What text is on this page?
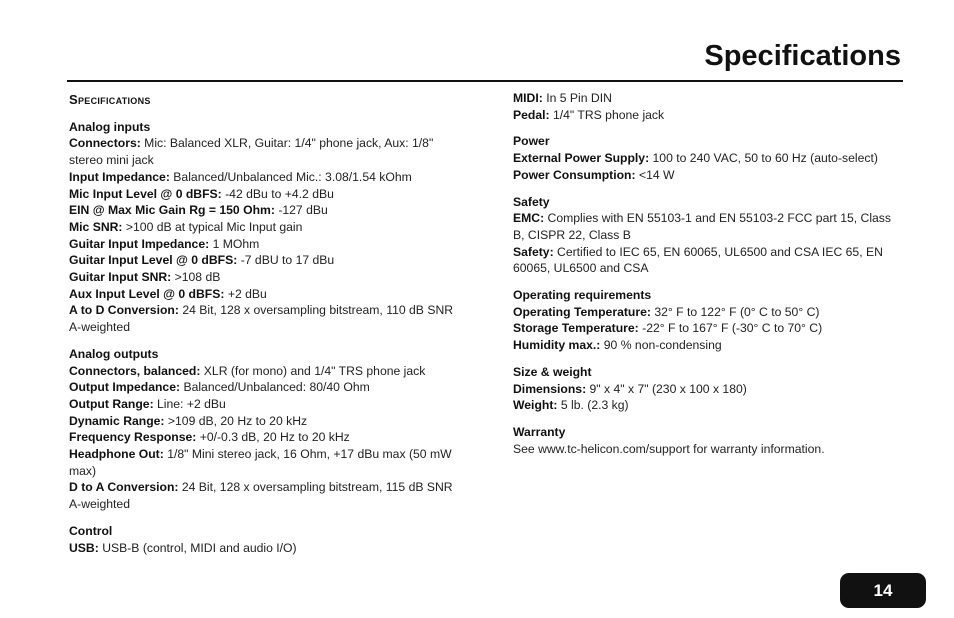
Specifications
Specifications
Analog inputs
Connectors: Mic: Balanced XLR, Guitar: 1/4" phone jack, Aux: 1/8" stereo mini jack
Input Impedance: Balanced/Unbalanced Mic.: 3.08/1.54 kOhm
Mic Input Level @ 0 dBFS: -42 dBu to +4.2 dBu
EIN @ Max Mic Gain Rg = 150 Ohm: -127 dBu
Mic SNR: >100 dB at typical Mic Input gain
Guitar Input Impedance: 1 MOhm
Guitar Input Level @ 0 dBFS: -7 dBU to 17 dBu
Guitar Input SNR: >108 dB
Aux Input Level @ 0 dBFS: +2 dBu
A to D Conversion: 24 Bit, 128 x oversampling bitstream, 110 dB SNR A-weighted
Analog outputs
Connectors, balanced: XLR (for mono) and 1/4" TRS phone jack
Output Impedance: Balanced/Unbalanced: 80/40 Ohm
Output Range: Line: +2 dBu
Dynamic Range: >109 dB, 20 Hz to 20 kHz
Frequency Response: +0/-0.3 dB, 20 Hz to 20 kHz
Headphone Out: 1/8" Mini stereo jack, 16 Ohm, +17 dBu max (50 mW max)
D to A Conversion: 24 Bit, 128 x oversampling bitstream, 115 dB SNR A-weighted
Control
USB: USB-B (control, MIDI and audio I/O)
MIDI: In 5 Pin DIN
Pedal: 1/4" TRS phone jack
Power
External Power Supply: 100 to 240 VAC, 50 to 60 Hz (auto-select)
Power Consumption: <14 W
Safety
EMC: Complies with EN 55103-1 and EN 55103-2 FCC part 15, Class B, CISPR 22, Class B
Safety: Certified to IEC 65, EN 60065, UL6500 and CSA IEC 65, EN 60065, UL6500 and CSA
Operating requirements
Operating Temperature: 32° F to 122° F (0° C to 50° C)
Storage Temperature: -22° F to 167° F (-30° C to 70° C)
Humidity max.: 90 % non-condensing
Size & weight
Dimensions: 9" x 4" x 7" (230 x 100 x 180)
Weight: 5 lb. (2.3 kg)
Warranty
See www.tc-helicon.com/support for warranty information.
14
